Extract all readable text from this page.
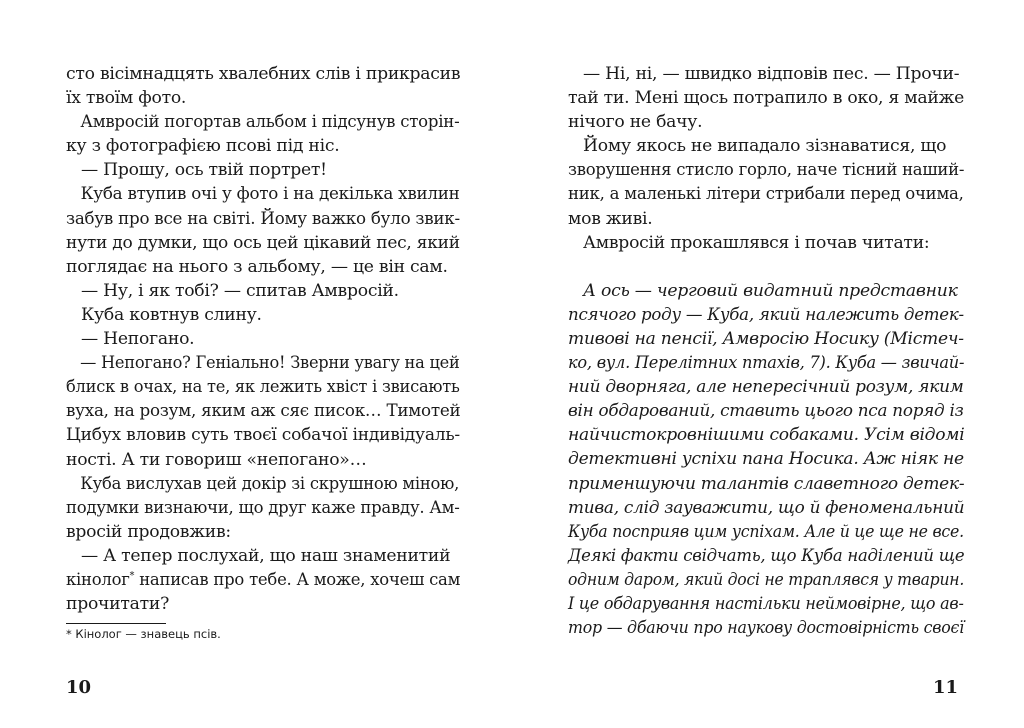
сто вісімнадцять хвалебних слів і прикрасив
їх твоїм фото.
Амвросій погортав альбом і підсунув сторін-
ку з фотографією псові під ніс.
— Прошу, ось твій портрет!
Куба втупив очі у фото і на декілька хвилин
забув про все на світі. Йому важко було звик-
нути до думки, що ось цей цікавий пес, який
поглядає на нього з альбому, — це він сам.
— Ну, і як тобі? — спитав Амвросій.
Куба ковтнув слину.
— Непогано.
— Непогано? Геніально! Зверни увагу на цей
блиск в очах, на те, як лежить хвіст і звисають
вуха, на розум, яким аж сяє писок… Тимотей
Цибух вловив суть твоєї собачої індивідуаль-
ності. А ти говориш «непогано»…
Куба вислухав цей докір зі скрушною міною,
подумки визнаючи, що друг каже правду. Ам-
вросій продовжив:
— А тепер послухай, що наш знаменитий
кінолог* написав про тебе. А може, хочеш сам
прочитати?
* Кінолог — знавець псів.
10
— Ні, ні, — швидко відповів пес. — Прочи-
тай ти. Мені щось потрапило в око, я майже
нічого не бачу.
Йому якось не випадало зізнаватися, що
зворушення стисло горло, наче тісний наший-
ник, а маленькі літери стрибали перед очима,
мов живі.
Амвросій прокашлявся і почав читати:
А ось — черговий видатний представник
псячого роду — Куба, який належить детек-
тивові на пенсії, Амвросію Носику (Містеч-
ко, вул. Перелітних птахів, 7). Куба — звичай-
ний дворняга, але непересічний розум, яким
він обдарований, ставить цього пса поряд із
найчистокровнішими собаками. Усім відомі
детективні успіхи пана Носика. Аж ніяк не
применшуючи талантів славетного детек-
тива, слід зауважити, що й феноменальний
Куба посприяв цим успіхам. Але й це ще не все.
Деякі факти свідчать, що Куба наділений ще
одним даром, який досі не траплявся у тварин.
І це обдарування настільки неймовірне, що ав-
тор — дбаючи про наукову достовірність своєї
11
